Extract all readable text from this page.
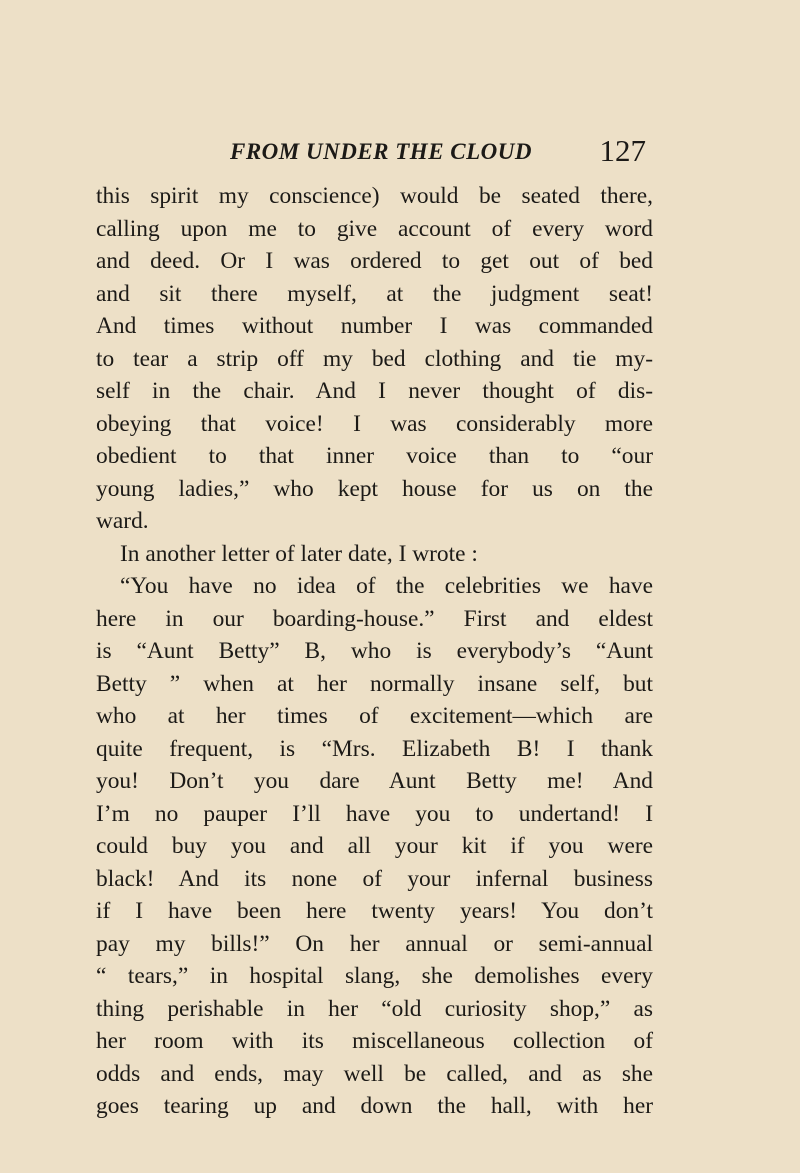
FROM UNDER THE CLOUD 127
this spirit my conscience) would be seated there,
calling upon me to give account of every word
and deed. Or I was ordered to get out of bed
and sit there myself, at the judgment seat!
And times without number I was commanded
to tear a strip off my bed clothing and tie my-
self in the chair. And I never thought of dis-
obeying that voice! I was considerably more
obedient to that inner voice than to “our
young ladies,” who kept house for us on the
ward.
In another letter of later date, I wrote :
“You have no idea of the celebrities we have
here in our boarding-house.” First and eldest
is “Aunt Betty” B, who is everybody’s “Aunt
Betty ” when at her normally insane self, but
who at her times of excitement—which are
quite frequent, is “Mrs. Elizabeth B! I thank
you! Don’t you dare Aunt Betty me! And
I’m no pauper I’ll have you to undertand! I
could buy you and all your kit if you were
black! And its none of your infernal business
if I have been here twenty years! You don’t
pay my bills!” On her annual or semi-annual
“ tears,” in hospital slang, she demolishes every
thing perishable in her “old curiosity shop,” as
her room with its miscellaneous collection of
odds and ends, may well be called, and as she
goes tearing up and down the hall, with her
